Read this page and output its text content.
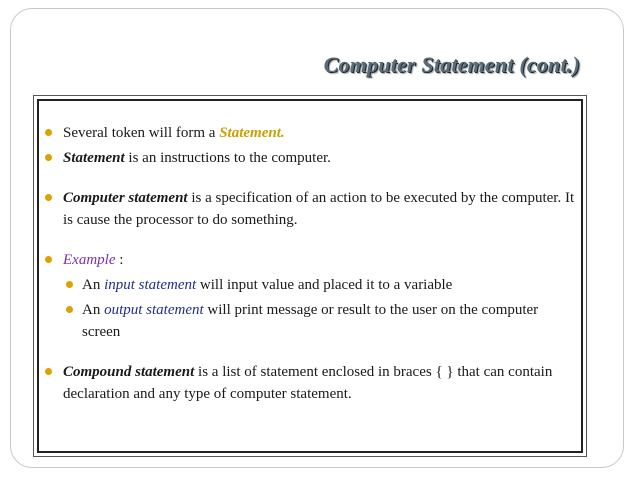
Computer Statement (cont.)
Several token will form a Statement.
Statement is an instructions to the computer.
Computer statement is a specification of an action to be executed by the computer. It is cause the processor to do something.
Example :
An input statement will input value and placed it to a variable
An output statement will print message or result to the user on the computer screen
Compound statement is a list of statement enclosed in braces { } that can contain declaration and any type of computer statement.
